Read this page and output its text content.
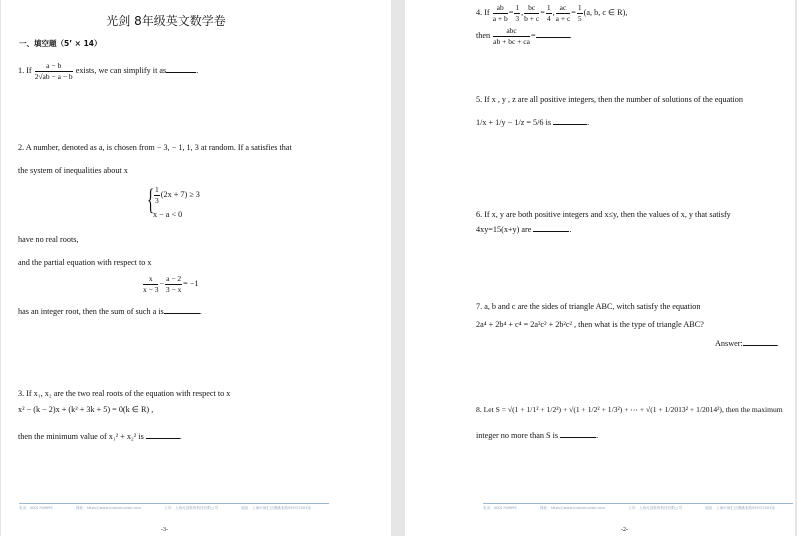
光剑 8年级英文数学卷
一、填空题（5’ × 14）
1. If $\frac{a - b}{2√ab - a - b}$ exists, we can simplify it as	.
2. A number, denoted as a, is chosen from − 3, − 1, 1, 3 at random. If a satisfies that
the system of inequalities about x
{ $\frac{1}{3} (2x + 7) \ge 3$
x − a < 0
have no real roots,
and the partial equation with respect to x
$\frac{x}{x - 3} - \frac{a - 2}{3 - x} = -1$
has an integer root, then the sum of such a is	.
3. If x₁, x₂ are the two real roots of the equation with respect to x
x² − (k − 2)x + (k² + 3k + 5) = 0(k ∈ R) ,
then the minimum value of x₁² + x₂² is	.
电话：4001706699	网址：https://www.hobusnuxian.com	公司：上海光剑教育科技有限公司	地址：上海市徐汇区漕溪北路595号2503室
-3-
4. If $\frac{ab}{a + b} = \frac{1}{3}$ , $\frac{bc}{b + c} = \frac{1}{4}$ , $\frac{ac}{a + c} = \frac{1}{5} (a$, b, c ∈ R),
then $\frac{\text{abc}}{ab + bc + ca}$ =	.
5. If x , y , z are all positive integers, then the number of solutions of the equation
1/x + 1/y − 1/z = 5/6 is	.
6. If x, y are both positive integers and x≤y, then the values of x, y that satisfy
4xy=15(x+y) are	.
7. a, b and c are the sides of triangle ABC, witch satisfy the equation
2a⁴ + 2b⁴ + c⁴ = 2a²c² + 2b²c² , then what is the type of triangle ABC?
Answer:	.
8. Let S = √(1 + 1/1² + 1/2²) + √(1 + 1/2² + 1/3²) + ⋯ + √(1 + 1/2013² + 1/2014²), then the maximum
integer no more than S is	.
电话：4001706699	网址：https://www.hobusnuxian.com	公司：上海光剑教育科技有限公司	地址：上海市徐汇区漕溪北路595号2503室
-2-
